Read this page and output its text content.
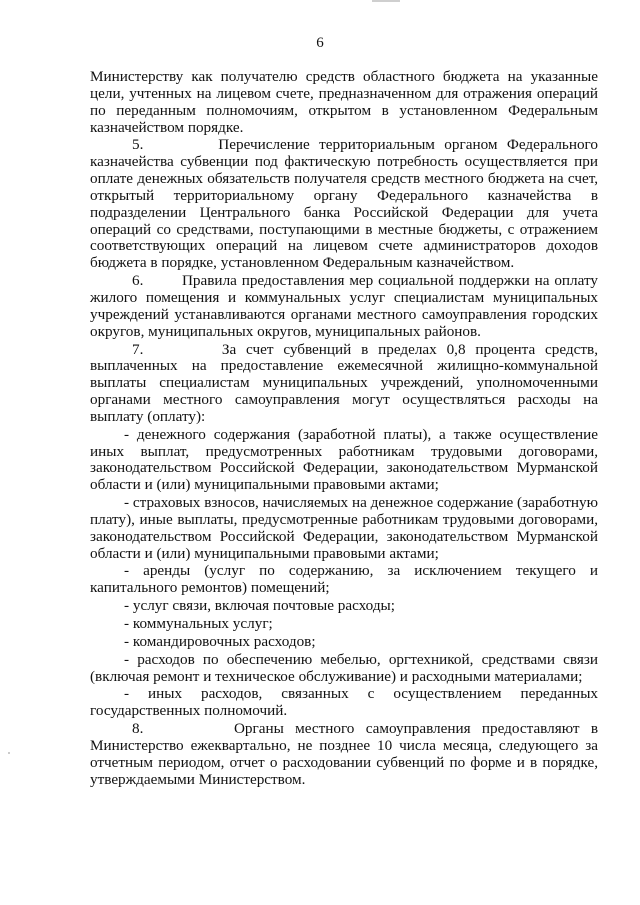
6

Министерству как получателю средств областного бюджета на указанные цели, учтенных на лицевом счете, предназначенном для отражения операций по переданным полномочиям, открытом в установленном Федеральным казначейством порядке.

5.        Перечисление территориальным органом Федерального казначейства субвенции под фактическую потребность осуществляется при оплате денежных обязательств получателя средств местного бюджета на счет, открытый территориальному органу Федерального казначейства в подразделении Центрального банка Российской Федерации для учета операций со средствами, поступающими в местные бюджеты, с отражением соответствующих операций на лицевом счете администраторов доходов бюджета в порядке, установленном Федеральным казначейством.

6.        Правила предоставления мер социальной поддержки на оплату жилого помещения и коммунальных услуг специалистам муниципальных учреждений устанавливаются органами местного самоуправления городских округов, муниципальных округов, муниципальных районов.

7.        За счет субвенций в пределах 0,8 процента средств, выплаченных на предоставление ежемесячной жилищно-коммунальной выплаты специалистам муниципальных учреждений, уполномоченными органами местного самоуправления могут осуществляться расходы на выплату (оплату):

- денежного содержания (заработной платы), а также осуществление иных выплат, предусмотренных работникам трудовыми договорами, законодательством Российской Федерации, законодательством Мурманской области и (или) муниципальными правовыми актами;

- страховых взносов, начисляемых на денежное содержание (заработную плату), иные выплаты, предусмотренные работникам трудовыми договорами, законодательством Российской Федерации, законодательством Мурманской области и (или) муниципальными правовыми актами;

- аренды (услуг по содержанию, за исключением текущего и капитального ремонтов) помещений;

- услуг связи, включая почтовые расходы;

- коммунальных услуг;

- командировочных расходов;

- расходов по обеспечению мебелью, оргтехникой, средствами связи (включая ремонт и техническое обслуживание) и расходными материалами;

- иных расходов, связанных с осуществлением переданных государственных полномочий.

8.        Органы местного самоуправления предоставляют в Министерство ежеквартально, не позднее 10 числа месяца, следующего за отчетным периодом, отчет о расходовании субвенций по форме и в порядке, утверждаемыми Министерством.
